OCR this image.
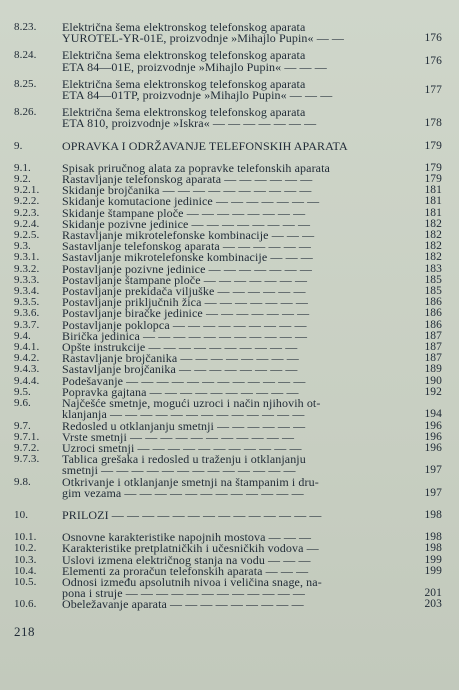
8.23.	Električna šema elektronskog telefonskog aparata
YUROTEL-YR-01E, proizvodnje »Mihajlo Pupin« — —	176
8.24.	Električna šema elektronskog telefonskog aparata
ETA 84—01E, proizvodnje »Mihajlo Pupin« — — —	176
8.25.	Električna šema elektronskog telefonskog aparata
ETA 84—01TP, proizvodnje »Mihajlo Pupin« — — —	177
8.26.	Električna šema elektronskog telefonskog aparata
ETA 810, proizvodnje »Iskra« — — — — — — —	178
9.	OPRAVKA I ODRŽAVANJE TELEFONSKIH APARATA	179
9.1.	Spisak priručnog alata za popravke telefonskih aparata	179
9.2.	Rastavljanje telefonskog aparata — — — — — —	179
9.2.1.	Skidanje brojčanika — — — — — — — — — —	181
9.2.2.	Skidanje komutacione jedinice — — — — — — —	181
9.2.3.	Skidanje štampane ploče — — — — — — — —	181
9.2.4.	Skidanje pozivne jedinice — — — — — — — —	182
9.2.5.	Rastavljanje mikrotelefonske kombinacije — — —	182
9.3.	Sastavljanje telefonskog aparata — — — — — —	182
9.3.1.	Sastavljanje mikrotelefonske kombinacije — — —	182
9.3.2.	Postavljanje pozivne jedinice — — — — — — —	183
9.3.3.	Postavljanje štampane ploče — — — — — — —	185
9.3.4.	Postavljanje prekidača viljuške — — — — — —	185
9.3.5.	Postavljanje priključnih žica — — — — — — —	186
9.3.6.	Postavljanje biračke jedinice — — — — — — —	186
9.3.7.	Postavljanje poklopca — — — — — — — — —	186
9.4.	Birička jedinica — — — — — — — — — — —	187
9.4.1.	Opšte instrukcije — — — — — — — — — —	187
9.4.2.	Rastavljanje brojčanika — — — — — — — —	187
9.4.3.	Sastavljanje brojčanika — — — — — — — —	189
9.4.4.	Podešavanje — — — — — — — — — — — —	190
9.5.	Popravka gajtana — — — — — — — — — —	192
9.6.	Najčešće smetnje, mogući uzroci i način njihovih ot-
klanjanja — — — — — — — — — — — — —	194
9.7.	Redosled u otklanjanju smetnji — — — — — —	196
9.7.1.	Vrste smetnji — — — — — — — — — — —	196
9.7.2.	Uzroci smetnji — — — — — — — — — — —	196
9.7.3.	Tablica grešaka i redosled u traženju i otklanjanju
smetnji — — — — — — — — — — — — —	197
9.8.	Otkrivanje i otklanjanje smetnji na štampanim i dru-
gim vezama — — — — — — — — — — — —	197
10.	PRILOZI — — — — — — — — — — — — — —	198
10.1.	Osnovne karakteristike napojnih mostova — — —	198
10.2.	Karakteristike pretplatničkih i učesničkih vodova —	198
10.3.	Uslovi izmena električnog stanja na vodu — — —	199
10.4.	Elementi za proračun telefonskih aparata — — —	199
10.5.	Odnosi između apsolutnih nivoa i veličina snage, na-
pona i struje — — — — — — — — — — — —	201
10.6.	Obeležavanje aparata — — — — — — — — —	203
218
